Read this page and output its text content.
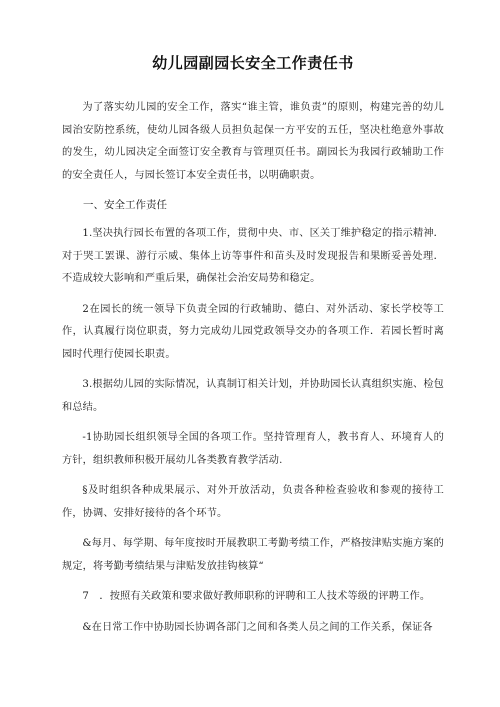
幼儿园副园长安全工作责任书

为了落实幼儿园的安全工作，落实“谁主管，谁负责”的原则，构建完善的幼儿园治安防控系统，使幼儿园各级人员担负起保一方平安的五任，坚决杜绝意外事故的发生，幼儿园决定全面签订安全教育与管理页任书。副园长为我园行政辅助工作的安全责任人，与园长签订本安全责任书，以明确职责。

一、安全工作责任

1.坚决执行园长布置的各项工作，贯彻中央、市、区关丁维护稳定的指示精神．对于哭工罢课、游行示威、集体上访等事件和苗头及时发现报告和果断妥善处理．不造成较大影响和严重后果，确保社会治安局势和稳定。

2在园长的统一领导下负责全园的行政辅助、德白、对外活动、家长学校等工作，认真履行岗位职责，努力完成幼儿园党政领导交办的各项工作．若园长暂时离园时代理行使园长职责。

3.根据幼儿园的实际情况，认真制订相关计划，并协助园长认真组织实施、检包和总结。

-1协助园长组织领导全国的各项工作。坚持管理育人，教书育人、环境育人的方针，组织教师积极开展幼儿各类教育教学活动.

§及时组织各种成果展示、对外开放活动，负责各种检查验收和参观的接待工作，协调、安排好接待的各个环节。

&每月、每学期、每年度按时开展教职工考勤考绩工作，严格按津贴实施方案的规定，将考勤考绩结果与津贴发放挂钩核算“

7　．按照有关政策和要求做好教师职称的评聘和工人技术等级的评聘工作。

&在日常工作中协助园长协调各部门之间和各类人员之间的工作关系，保证各
